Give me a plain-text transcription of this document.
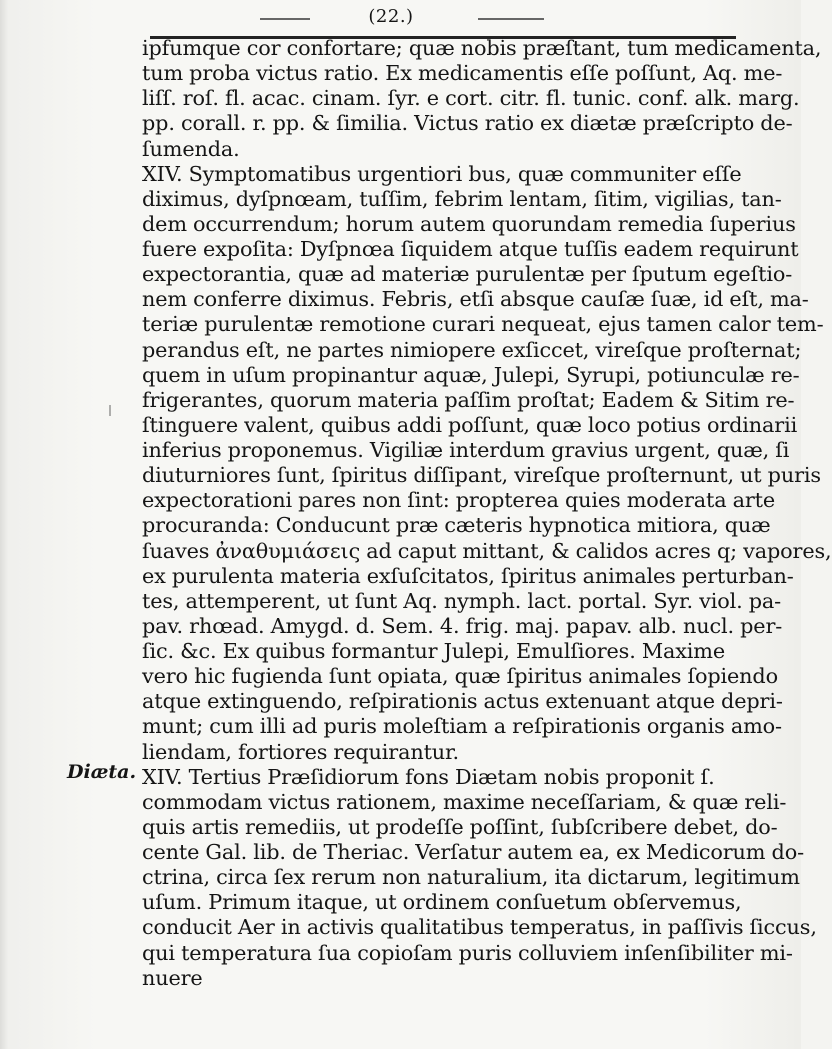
(22.)
Diæta.
ipfumque cor confortare; quæ nobis præſtant, tum medicamenta,
tum proba victus ratio. Ex medicamentis eſſe poſſunt, Aq. me-
liſſ. roſ. fl. acac. cinam. ſyr. e cort. citr. fl. tunic. conf. alk. marg.
pp. corall. r. pp. & ſimilia. Victus ratio ex diætæ præſcripto de-
ſumenda.
XIV. Symptomatibus urgentiori bus, quæ communiter eſſe
diximus, dyſpnœam, tuſſim, febrim lentam, ſitim, vigilias, tan-
dem occurrendum; horum autem quorundam remedia ſuperius
fuere expoſita: Dyſpnœa ſiquidem atque tuſſis eadem requirunt
expectorantia, quæ ad materiæ purulentæ per ſputum egeſtio-
nem conferre diximus. Febris, etſi absque cauſæ ſuæ, id eſt, ma-
teriæ purulentæ remotione curari nequeat, ejus tamen calor tem-
perandus eſt, ne partes nimiopere exſiccet, vireſque proſternat;
quem in uſum propinantur aquæ, Julepi, Syrupi, potiunculæ re-
frigerantes, quorum materia paſſim proſtat; Eadem & Sitim re-
ſtinguere valent, quibus addi poſſunt, quæ loco potius ordinarii
inferius proponemus. Vigiliæ interdum gravius urgent, quæ, ſi
diuturniores ſunt, ſpiritus diſſipant, vireſque proſternunt, ut puris
expectorationi pares non ſint: propterea quies moderata arte
procuranda: Conducunt præ cæteris hypnotica mitiora, quæ
ſuaves ἀναθυμιάσεις ad caput mittant, & calidos acres q; vapores,
ex purulenta materia exſuſcitatos, ſpiritus animales perturban-
tes, attemperent, ut ſunt Aq. nymph. lact. portal. Syr. viol. pa-
pav. rhœad. Amygd. d. Sem. 4. frig. maj. papav. alb. nucl. per-
ſic. &c. Ex quibus formantur Julepi, Emulſiores. Maxime
vero hic fugienda ſunt opiata, quæ ſpiritus animales ſopiendo
atque extinguendo, reſpirationis actus extenuant atque depri-
munt; cum illi ad puris moleſtiam a reſpirationis organis amo-
liendam, fortiores requirantur.
XIV. Tertius Præſidiorum fons Diætam nobis proponit ſ.
commodam victus rationem, maxime neceſſariam, & quæ reli-
quis artis remediis, ut prodeſſe poſſint, ſubſcribere debet, do-
cente Gal. lib. de Theriac. Verſatur autem ea, ex Medicorum do-
ctrina, circa ſex rerum non naturalium, ita dictarum, legitimum
uſum. Primum itaque, ut ordinem conſuetum obſervemus,
conducit Aer in activis qualitatibus temperatus, in paſſivis ſiccus,
qui temperatura ſua copioſam puris colluviem inſenſibiliter mi-
nuere
